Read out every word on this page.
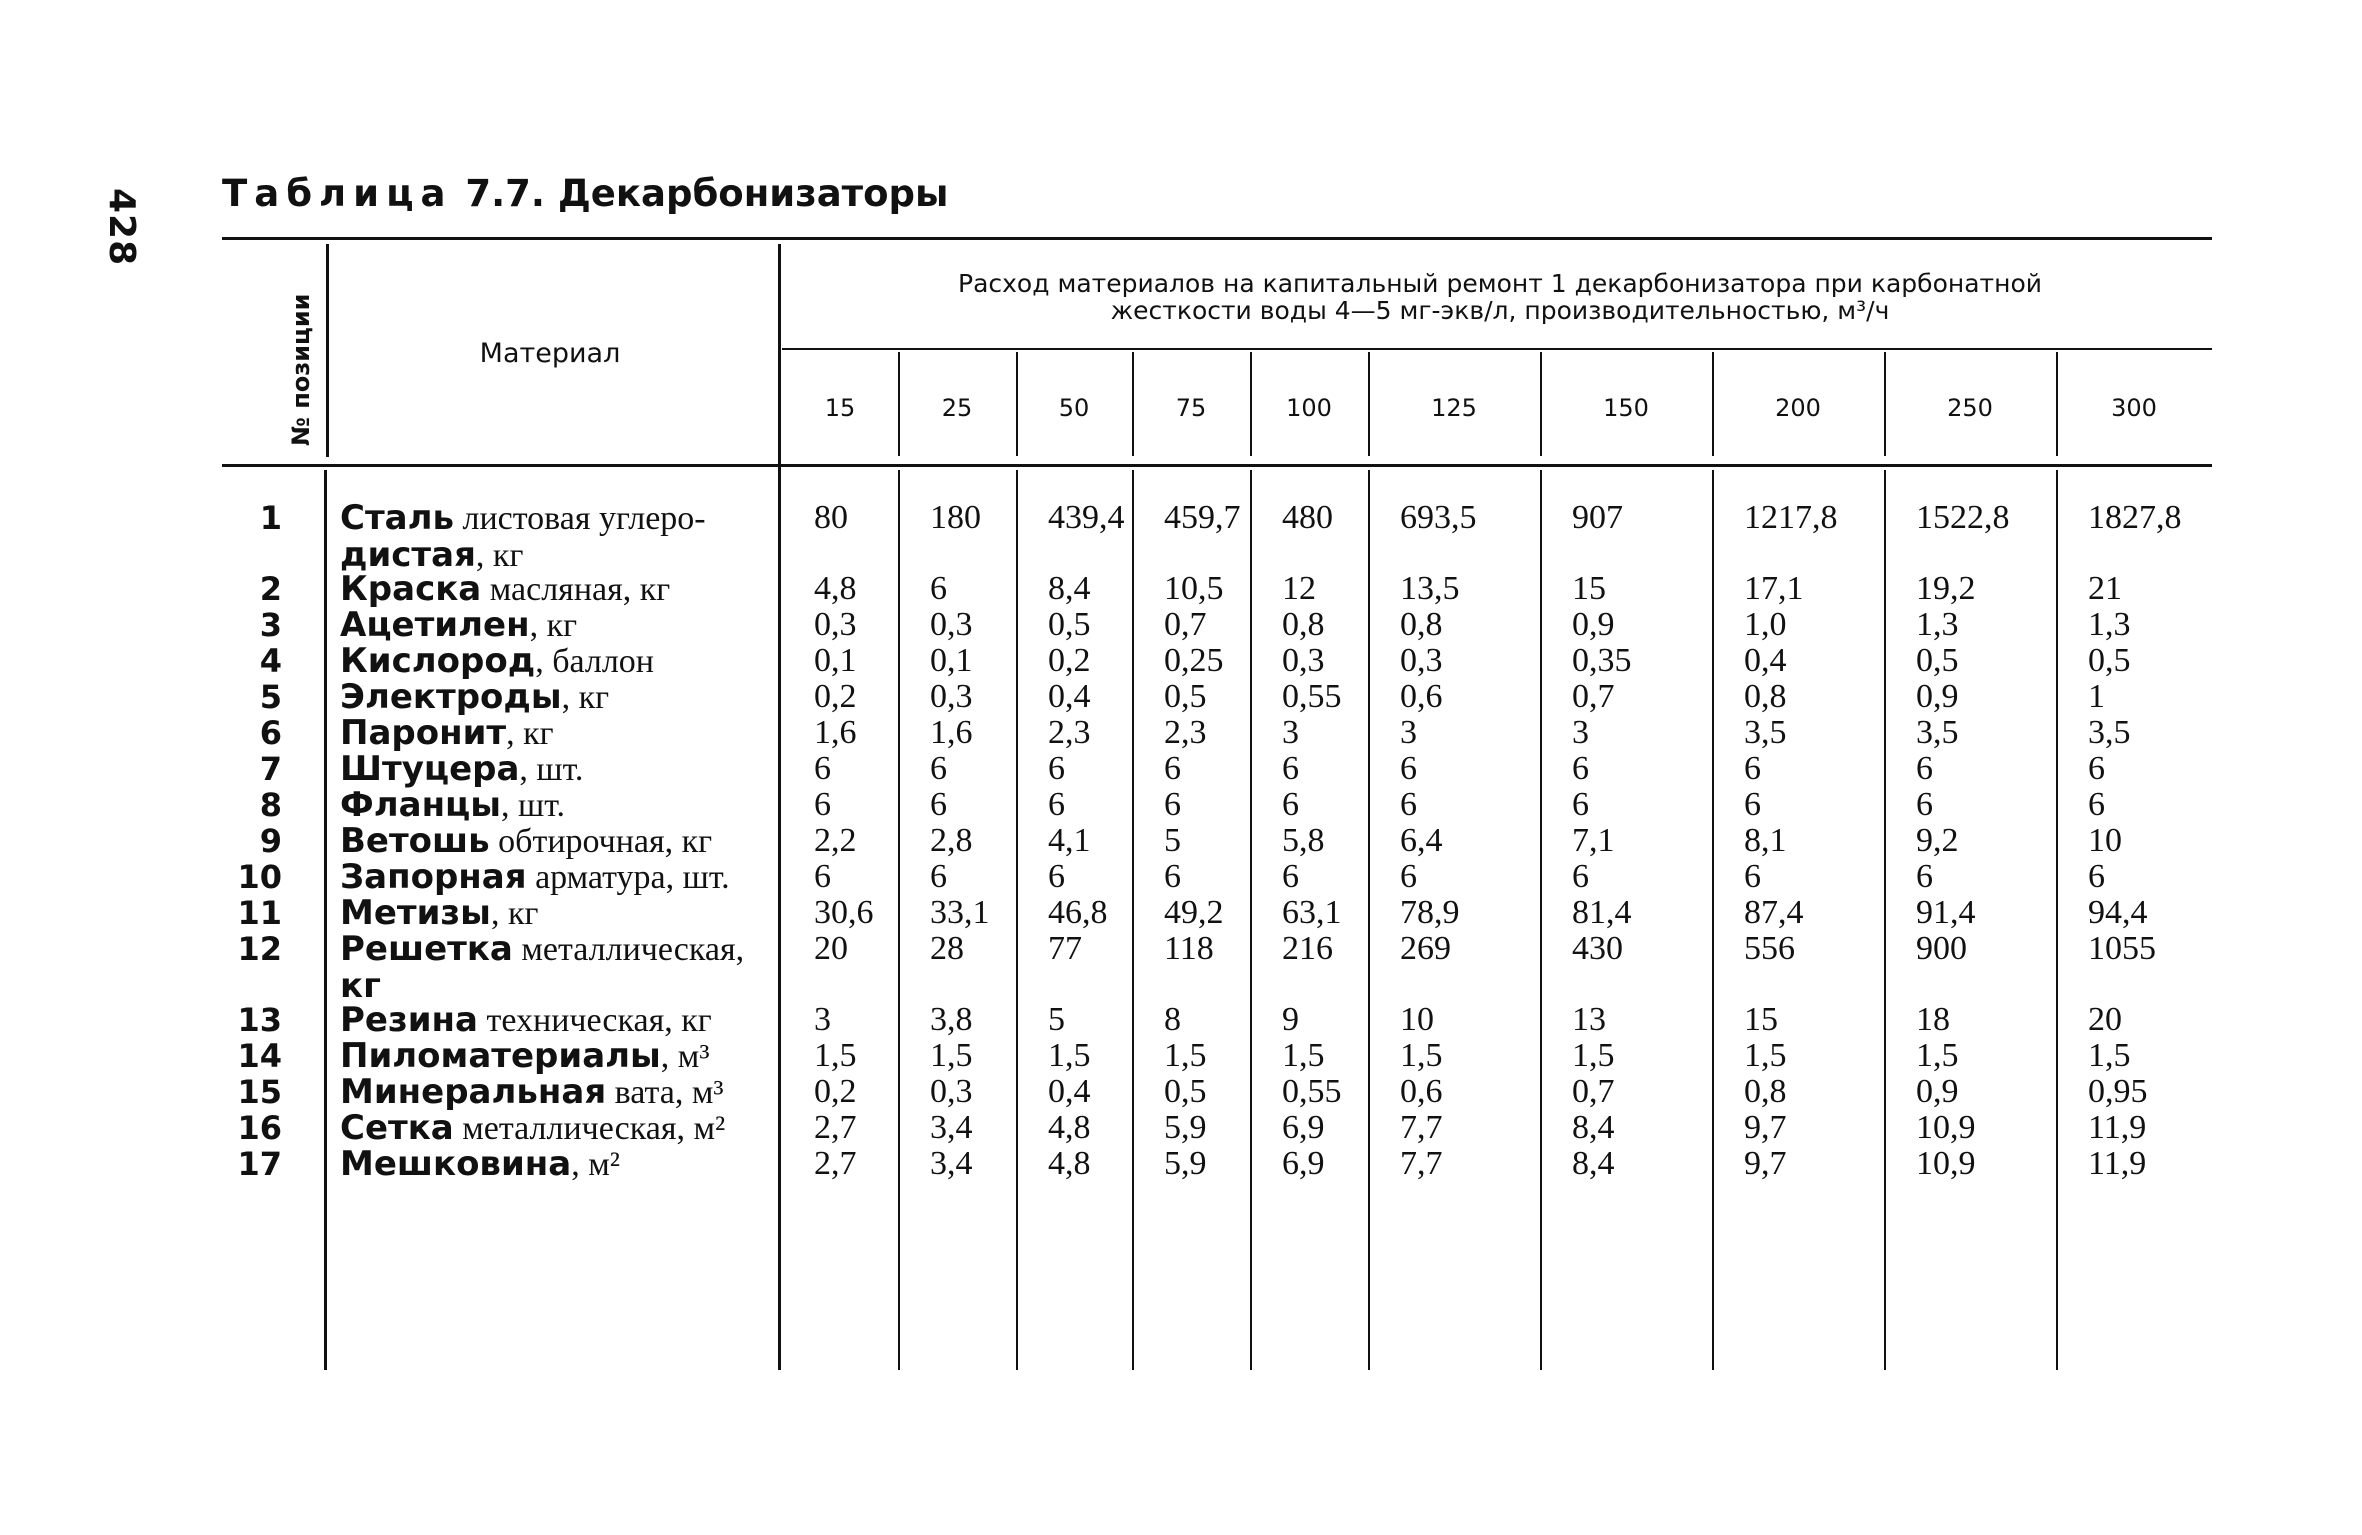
428 Таблица 7.7. Декарбонизаторы
№ позиции	Материал
Расход материалов на капитальный ремонт 1 декарбонизатора при карбонатной
жесткости воды 4—5 мг-экв/л, производительностью, м³/ч
15	25	50	75	100	125	150	200	250	300
1 Сталь листовая углеро-
дистая, кг
80 180 439,4 459,7 480 693,5	907	1217,8 1522,8 1827,8
2 Краска масляная, кг	4,8 6	8,4 10,5 12 13,5	15	17,1	19,2	21
3 Ацетилен, кг	0,3 0,3 0,5 0,7 0,8 0,8	0,9	1,0	1,3	1,3
4 Кислород, баллон	0,1 0,1 0,2 0,25 0,3 0,3	0,35	0,4	0,5	0,5
5 Электроды, кг	0,2 0,3 0,4 0,5 0,55 0,6	0,7	0,8	0,9	1
6 Паронит, кг	1,6 1,6 2,3 2,3 3	3	3	3,5	3,5	3,5
7 Штуцера, шт.	6	6	6	6	6	6	6	6	6	6
8 Фланцы, шт.	6	6	6	6	6	6	6	6	6	6
9 Ветошь обтирочная, кг	2,2 2,8 4,1 5	5,8 6,4	7,1	8,1	9,2	10
10 Запорная арматура, шт.	6	6	6	6	6	6	6	6	6	6
11 Метизы, кг	30,6 33,1 46,8 49,2 63,1 78,9	81,4	87,4	91,4	94,4
12 Решетка металлическая,
кг
20 28 77 118 216 269	430	556	900	1055
13 Резина техническая, кг	3	3,8 5	8	9	10	13	15	18	20
14 Пиломатериалы, м³	1,5 1,5 1,5 1,5 1,5 1,5	1,5	1,5	1,5	1,5
15 Минеральная вата, м³	0,2 0,3 0,4 0,5 0,55 0,6	0,7	0,8	0,9	0,95
16 Сетка металлическая, м²	2,7 3,4 4,8 5,9 6,9 7,7	8,4	9,7	10,9	11,9
17 Мешковина, м²	2,7 3,4 4,8 5,9 6,9 7,7	8,4	9,7	10,9	11,9
